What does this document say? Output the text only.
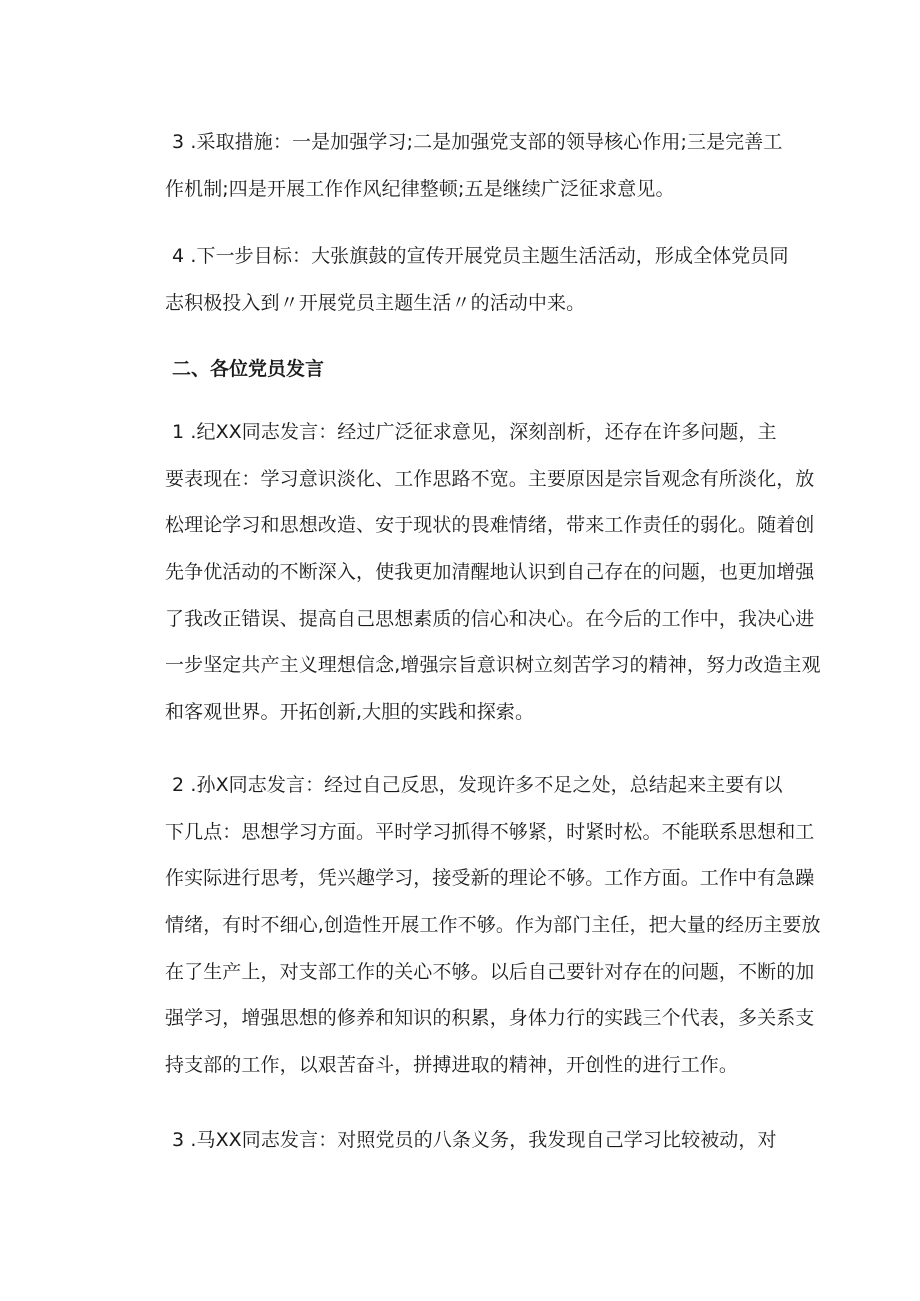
3 .采取措施：一是加强学习;二是加强党支部的领导核心作用;三是完善工
作机制;四是开展工作作风纪律整顿;五是继续广泛征求意见。
4 .下一步目标：大张旗鼓的宣传开展党员主题生活活动，形成全体党员同
志积极投入到〃开展党员主题生活〃的活动中来。
二、各位党员发言
1 .纪XX同志发言：经过广泛征求意见，深刻剖析，还存在许多问题，主
要表现在：学习意识淡化、工作思路不宽。主要原因是宗旨观念有所淡化，放
松理论学习和思想改造、安于现状的畏难情绪，带来工作责任的弱化。随着创
先争优活动的不断深入，使我更加清醒地认识到自己存在的问题，也更加增强
了我改正错误、提高自己思想素质的信心和决心。在今后的工作中，我决心进
一步坚定共产主义理想信念,增强宗旨意识树立刻苦学习的精神，努力改造主观
和客观世界。开拓创新,大胆的实践和探索。
2 .孙X同志发言：经过自己反思，发现许多不足之处，总结起来主要有以
下几点：思想学习方面。平时学习抓得不够紧，时紧时松。不能联系思想和工
作实际进行思考，凭兴趣学习，接受新的理论不够。工作方面。工作中有急躁
情绪，有时不细心,创造性开展工作不够。作为部门主任，把大量的经历主要放
在了生产上，对支部工作的关心不够。以后自己要针对存在的问题，不断的加
强学习，增强思想的修养和知识的积累，身体力行的实践三个代表，多关系支
持支部的工作，以艰苦奋斗，拼搏进取的精神，开创性的进行工作。
3 .马XX同志发言：对照党员的八条义务，我发现自己学习比较被动，对
